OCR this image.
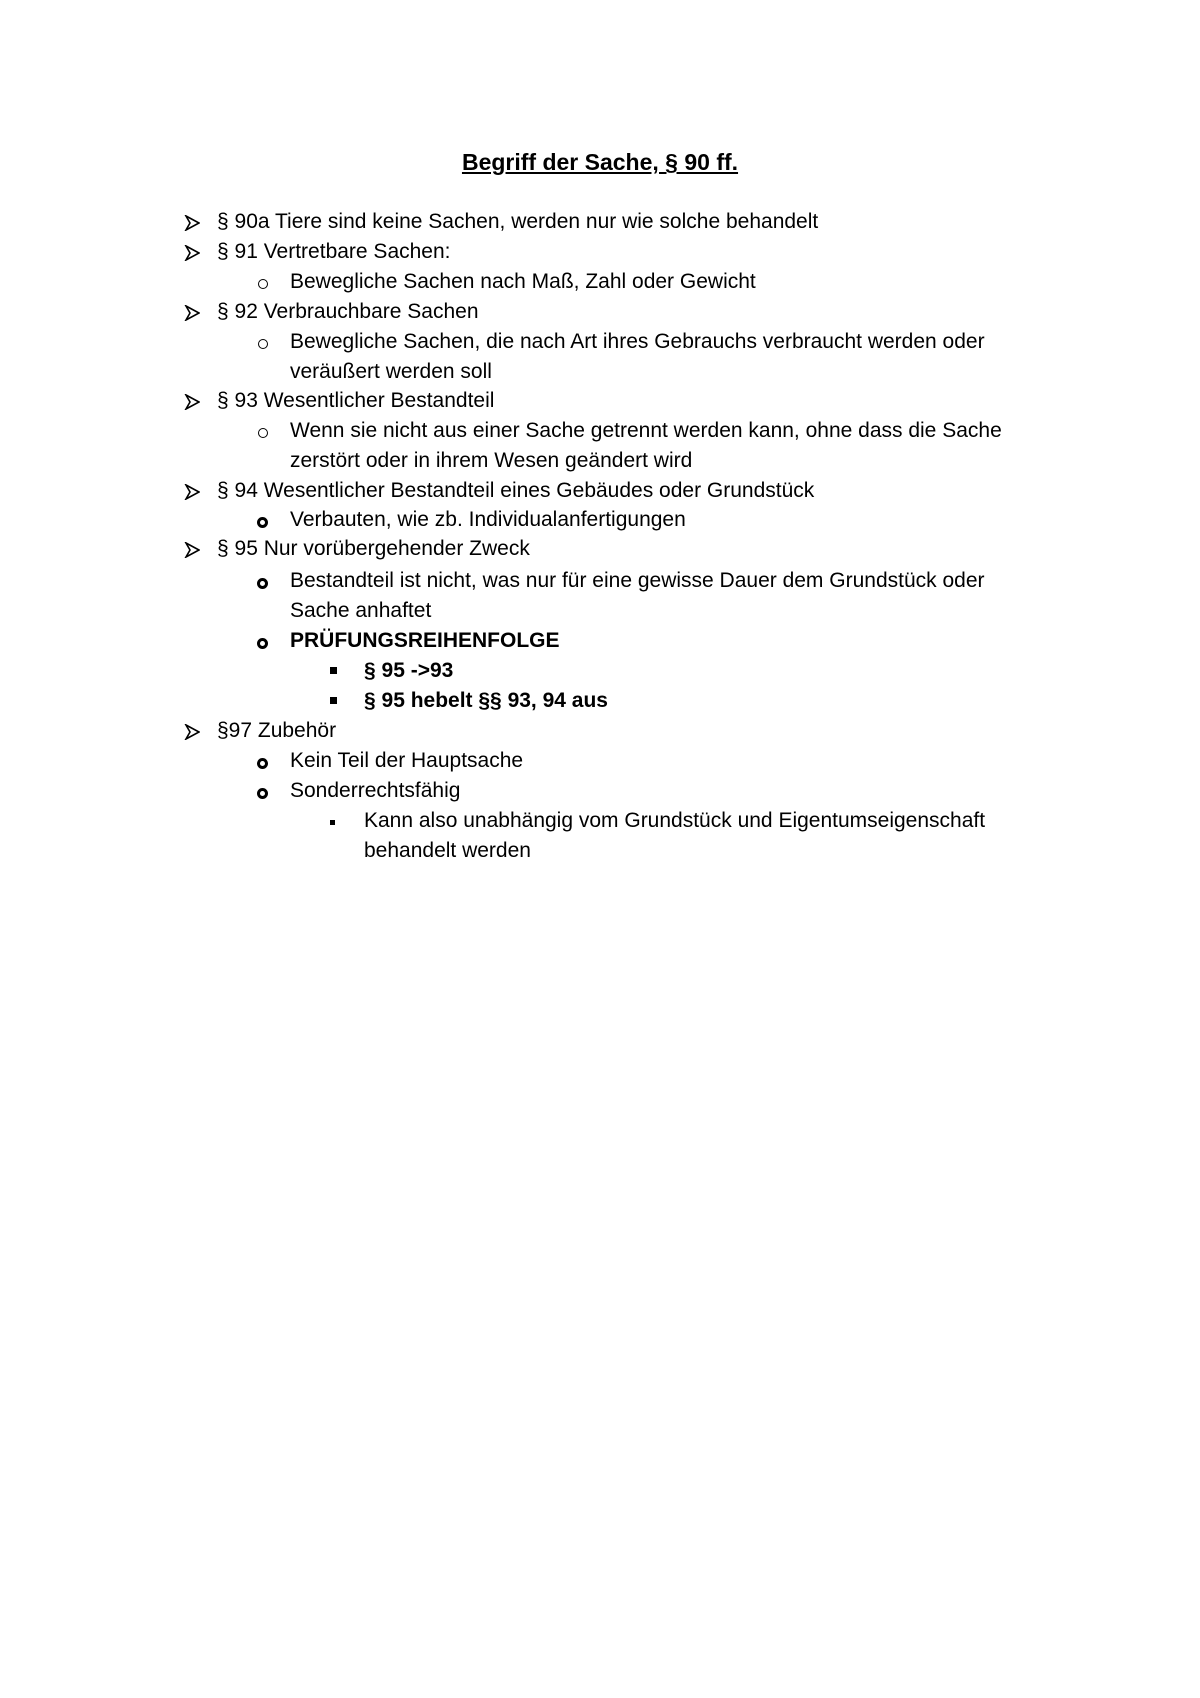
Begriff der Sache, § 90 ff.
§ 90a Tiere sind keine Sachen, werden nur wie solche behandelt
§ 91 Vertretbare Sachen:
Bewegliche Sachen nach Maß, Zahl oder Gewicht
§ 92 Verbrauchbare Sachen
Bewegliche Sachen, die nach Art ihres Gebrauchs verbraucht werden oder
veräußert werden soll
§ 93 Wesentlicher Bestandteil
Wenn sie nicht aus einer Sache getrennt werden kann, ohne dass die Sache
zerstört oder in ihrem Wesen geändert wird
§ 94 Wesentlicher Bestandteil eines Gebäudes oder Grundstück
Verbauten, wie zb. Individualanfertigungen
§ 95 Nur vorübergehender Zweck
Bestandteil ist nicht, was nur für eine gewisse Dauer dem Grundstück oder
Sache anhaftet
PRÜFUNGSREIHENFOLGE
§ 95 ->93
§ 95 hebelt §§ 93, 94 aus
§97 Zubehör
Kein Teil der Hauptsache
Sonderrechtsfähig
Kann also unabhängig vom Grundstück und Eigentumseigenschaft
behandelt werden
